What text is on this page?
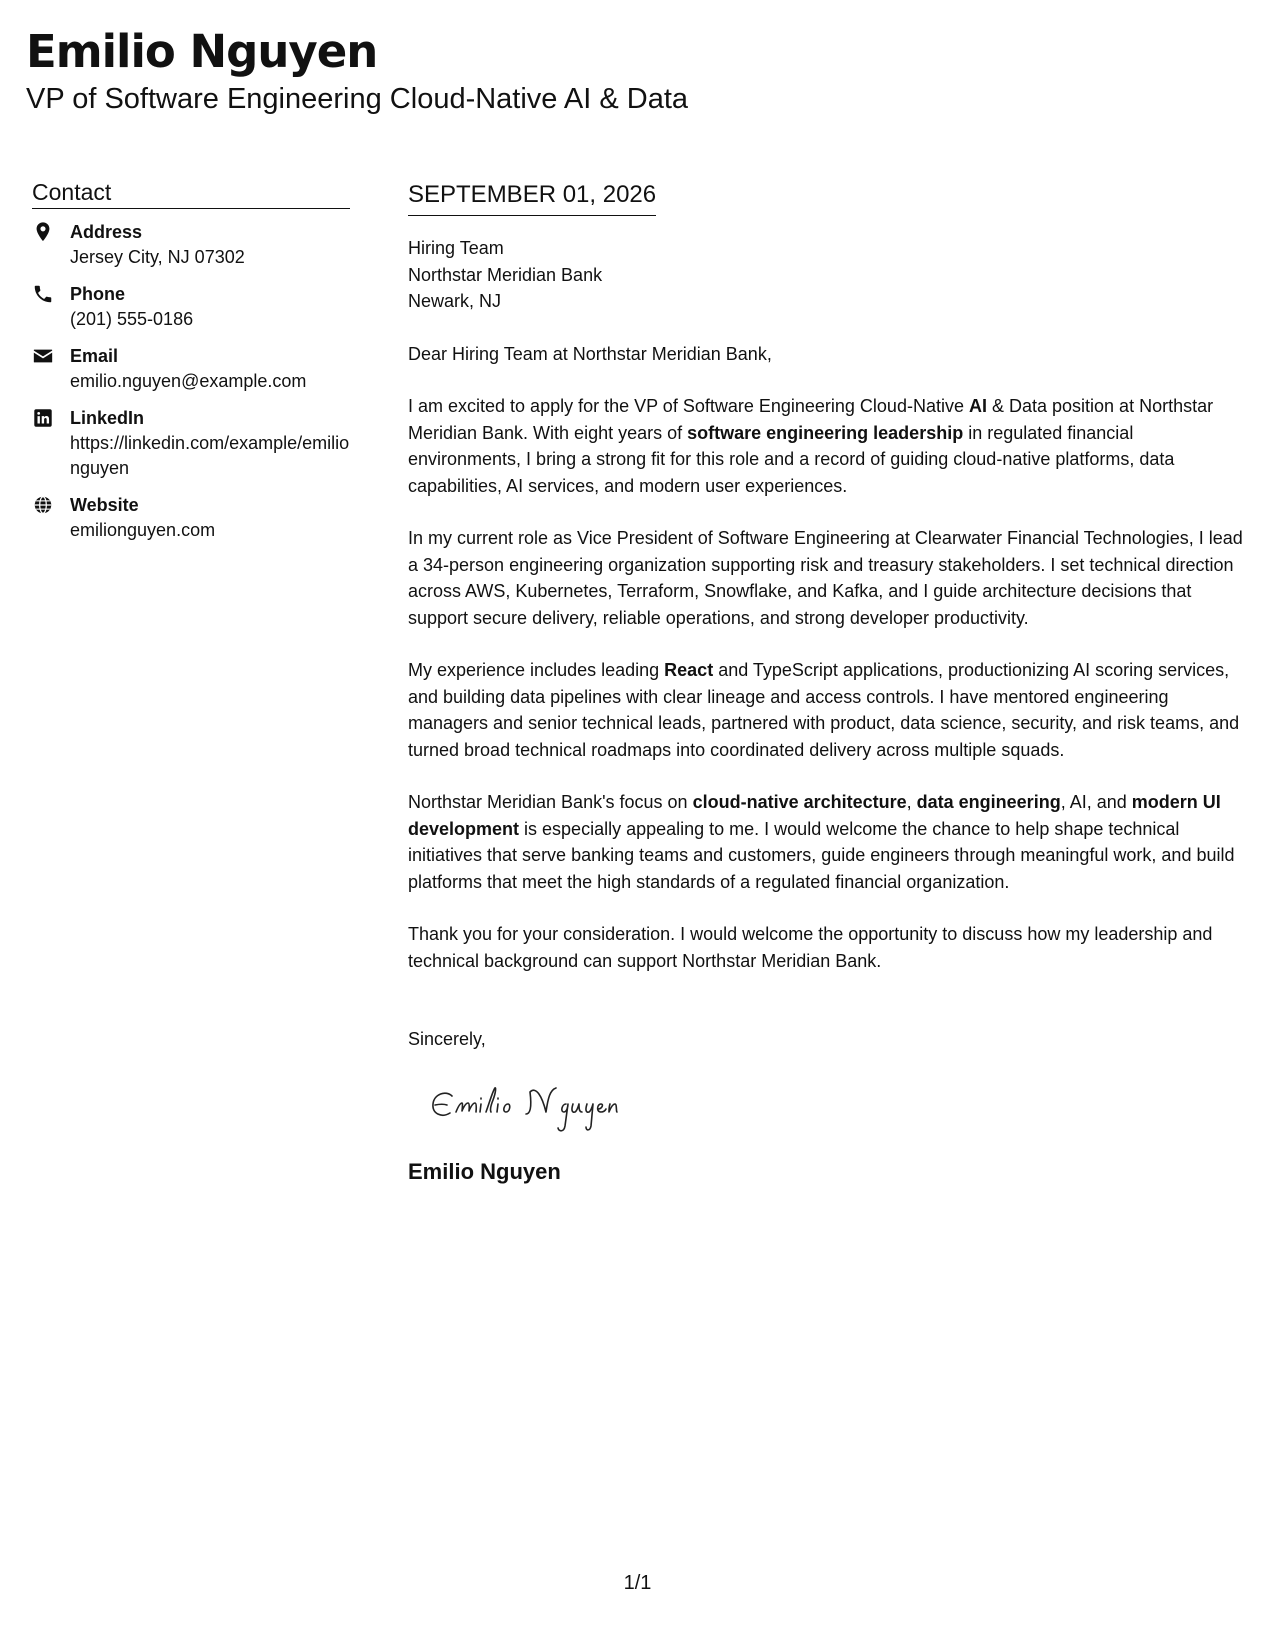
Emilio Nguyen
VP of Software Engineering Cloud-Native AI & Data
Contact
Address
Jersey City, NJ 07302
Phone
(201) 555-0186
Email
emilio.nguyen@example.com
LinkedIn
https://linkedin.com/example/emilionguyen
Website
emilionguyen.com
SEPTEMBER 01, 2026
Hiring Team
Northstar Meridian Bank
Newark, NJ
Dear Hiring Team at Northstar Meridian Bank,
I am excited to apply for the VP of Software Engineering Cloud-Native AI & Data position at Northstar Meridian Bank. With eight years of software engineering leadership in regulated financial environments, I bring a strong fit for this role and a record of guiding cloud-native platforms, data capabilities, AI services, and modern user experiences.
In my current role as Vice President of Software Engineering at Clearwater Financial Technologies, I lead a 34-person engineering organization supporting risk and treasury stakeholders. I set technical direction across AWS, Kubernetes, Terraform, Snowflake, and Kafka, and I guide architecture decisions that support secure delivery, reliable operations, and strong developer productivity.
My experience includes leading React and TypeScript applications, productionizing AI scoring services, and building data pipelines with clear lineage and access controls. I have mentored engineering managers and senior technical leads, partnered with product, data science, security, and risk teams, and turned broad technical roadmaps into coordinated delivery across multiple squads.
Northstar Meridian Bank's focus on cloud-native architecture, data engineering, AI, and modern UI development is especially appealing to me. I would welcome the chance to help shape technical initiatives that serve banking teams and customers, guide engineers through meaningful work, and build platforms that meet the high standards of a regulated financial organization.
Thank you for your consideration. I would welcome the opportunity to discuss how my leadership and technical background can support Northstar Meridian Bank.
Sincerely,
Emilio Nguyen
1/1
